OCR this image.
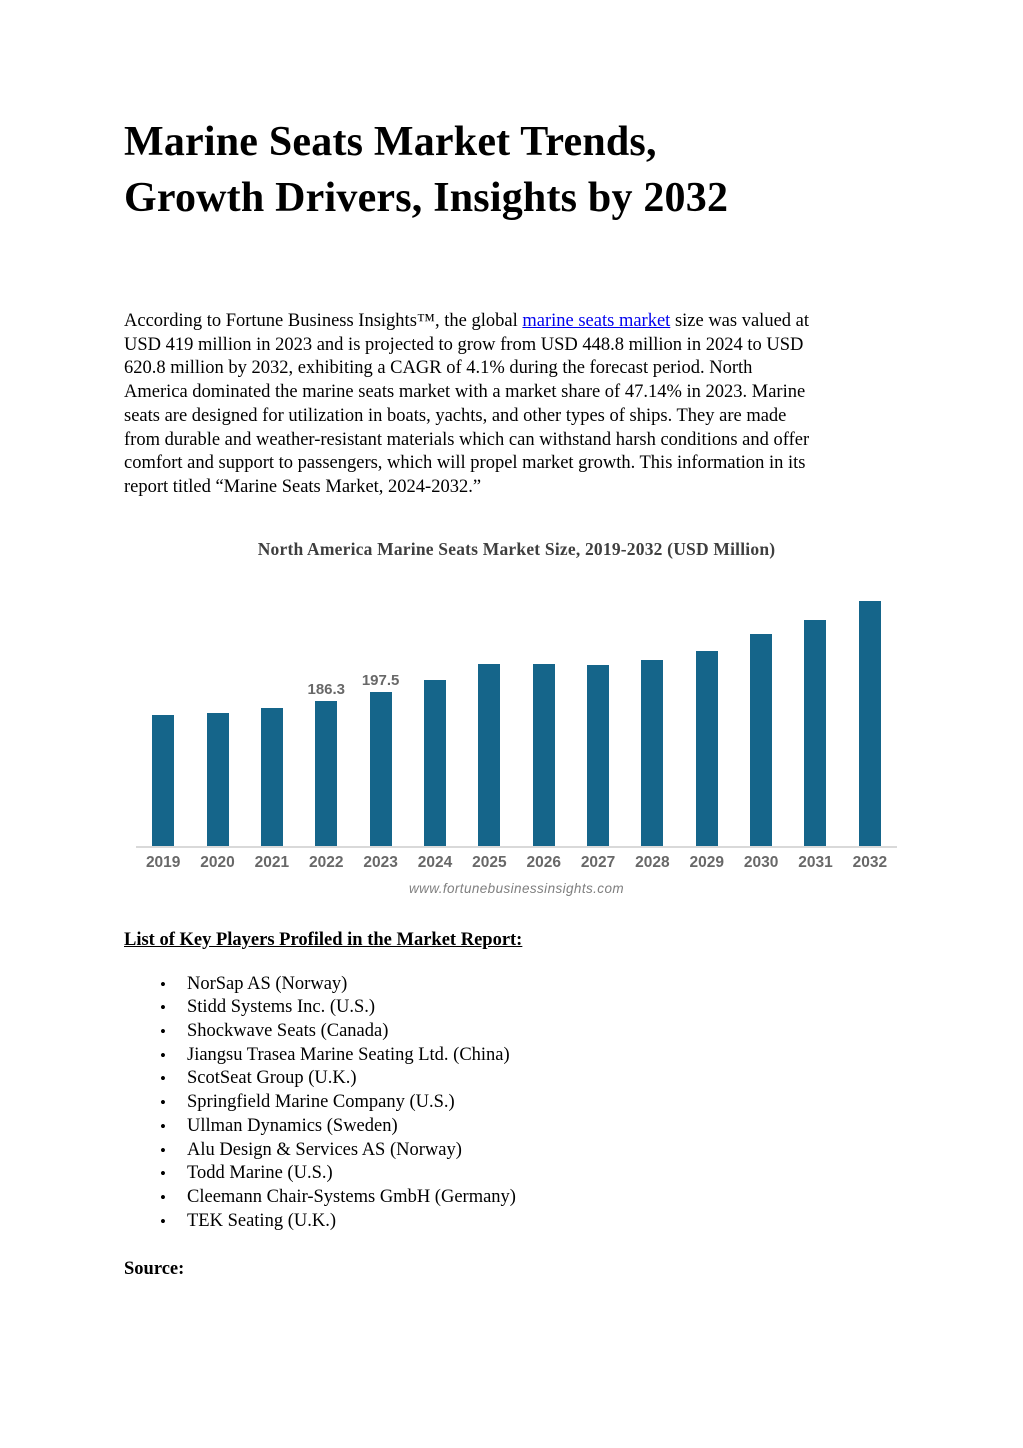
Marine Seats Market Trends,
Growth Drivers, Insights by 2032

According to Fortune Business Insights™, the global marine seats market size was valued at
USD 419 million in 2023 and is projected to grow from USD 448.8 million in 2024 to USD
620.8 million by 2032, exhibiting a CAGR of 4.1% during the forecast period. North
America dominated the marine seats market with a market share of 47.14% in 2023. Marine
seats are designed for utilization in boats, yachts, and other types of ships. They are made
from durable and weather-resistant materials which can withstand harsh conditions and offer
comfort and support to passengers, which will propel market growth. This information in its
report titled “Marine Seats Market, 2024-2032.”

North America Marine Seats Market Size, 2019-2032 (USD Million)
186.3
197.5
2019	2020	2021	2022	2023	2024	2025	2026	2027	2028	2029	2030	2031	2032
www.fortunebusinessinsights.com
List of Key Players Profiled in the Market Report:
• NorSap AS (Norway)
• Stidd Systems Inc. (U.S.)
• Shockwave Seats (Canada)
• Jiangsu Trasea Marine Seating Ltd. (China)
• ScotSeat Group (U.K.)
• Springfield Marine Company (U.S.)
• Ullman Dynamics (Sweden)
• Alu Design & Services AS (Norway)
• Todd Marine (U.S.)
• Cleemann Chair-Systems GmbH (Germany)
• TEK Seating (U.K.)
Source:
